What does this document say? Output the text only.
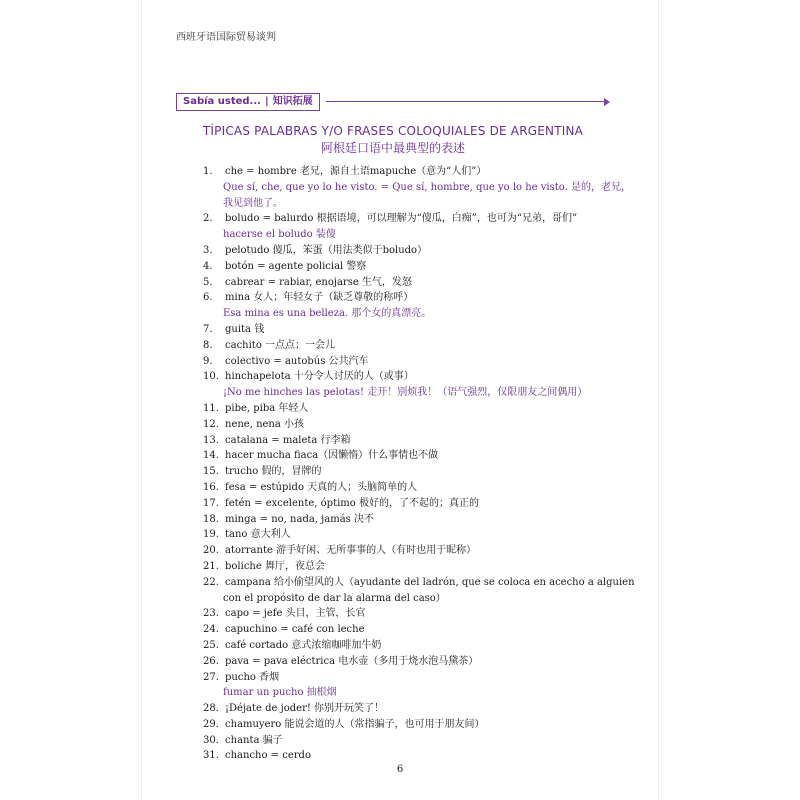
西班牙语国际贸易谈判
Sabía usted... | 知识拓展
TÍPICAS PALABRAS Y/O FRASES COLOQUIALES DE ARGENTINA
阿根廷口语中最典型的表述
1. che = hombre 老兄，源自土语mapuche（意为“人们”）
Que sí, che, que yo lo he visto. = Que sí, hombre, que yo lo he visto. 是的，老兄，
我见到他了。
2. boludo = balurdo 根据语境，可以理解为“傻瓜，白痴”，也可为“兄弟，哥们”
hacerse el boludo 装傻
3. pelotudo 傻瓜，笨蛋（用法类似于boludo）
4. botón = agente policial 警察
5. cabrear = rabiar, enojarse 生气，发怒
6. mina 女人；年轻女子（缺乏尊敬的称呼）
Esa mina es una belleza. 那个女的真漂亮。
7. guita 钱
8. cachito 一点点；一会儿
9. colectivo = autobús 公共汽车
10. hinchapelota 十分令人讨厌的人（或事）
¡No me hinches las pelotas! 走开！别烦我！（语气强烈，仅限朋友之间偶用）
11. pibe, piba 年轻人
12. nene, nena 小孩
13. catalana = maleta 行李箱
14. hacer mucha fiaca（因懒惰）什么事情也不做
15. trucho 假的，冒牌的
16. fesa = estúpido 天真的人；头脑简单的人
17. fetén = excelente, óptimo 极好的，了不起的；真正的
18. minga = no, nada, jamás 决不
19. tano 意大利人
20. atorrante 游手好闲、无所事事的人（有时也用于昵称）
21. boliche 舞厅，夜总会
22. campana 给小偷望风的人（ayudante del ladrón, que se coloca en acecho a alguien
con el propósito de dar la alarma del caso）
23. capo = jefe 头目，主管，长官
24. capuchino = café con leche
25. café cortado 意式浓缩咖啡加牛奶
26. pava = pava eléctrica 电水壶（多用于烧水泡马黛茶）
27. pucho 香烟
fumar un pucho 抽根烟
28. ¡Déjate de joder! 你别开玩笑了！
29. chamuyero 能说会道的人（常指骗子，也可用于朋友间）
30. chanta 骗子
31. chancho = cerdo
6
